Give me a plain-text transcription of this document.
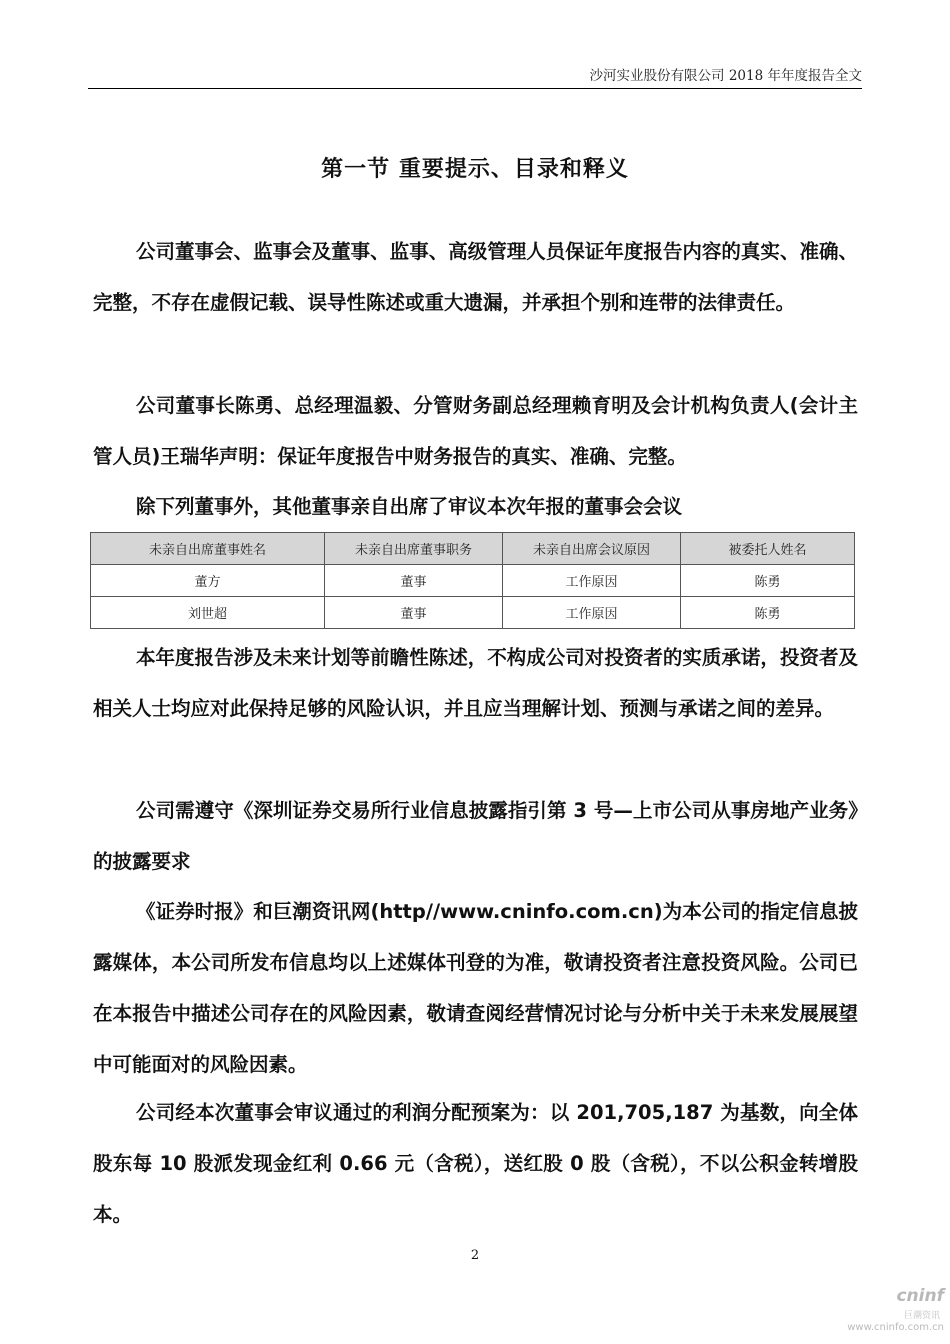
沙河实业股份有限公司 2018 年年度报告全文
第一节 重要提示、目录和释义

公司董事会、监事会及董事、监事、高级管理人员保证年度报告内容的真实、准确、完整，不存在虚假记载、误导性陈述或重大遗漏，并承担个别和连带的法律责任。

公司董事长陈勇、总经理温毅、分管财务副总经理赖育明及会计机构负责人(会计主管人员)王瑞华声明：保证年度报告中财务报告的真实、准确、完整。

除下列董事外，其他董事亲自出席了审议本次年报的董事会会议

未亲自出席董事姓名	未亲自出席董事职务	未亲自出席会议原因	被委托人姓名
董方	董事	工作原因	陈勇
刘世超	董事	工作原因	陈勇

本年度报告涉及未来计划等前瞻性陈述，不构成公司对投资者的实质承诺，投资者及相关人士均应对此保持足够的风险认识，并且应当理解计划、预测与承诺之间的差异。

公司需遵守《深圳证券交易所行业信息披露指引第 3 号—上市公司从事房地产业务》的披露要求

《证券时报》和巨潮资讯网(http//www.cninfo.com.cn)为本公司的指定信息披露媒体，本公司所发布信息均以上述媒体刊登的为准，敬请投资者注意投资风险。公司已在本报告中描述公司存在的风险因素，敬请查阅经营情况讨论与分析中关于未来发展展望中可能面对的风险因素。

公司经本次董事会审议通过的利润分配预案为：以 201,705,187 为基数，向全体股东每 10 股派发现金红利 0.66 元（含税），送红股 0 股（含税），不以公积金转增股本。

2
cninf
巨潮资讯
www.cninfo.com.cn
